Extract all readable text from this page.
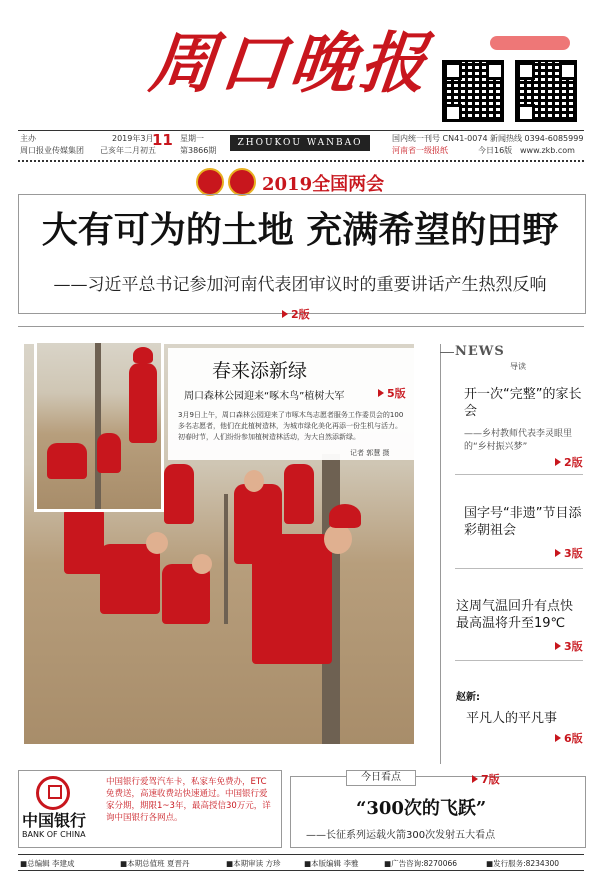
周口晚报
主办
周口报业传媒集团
2019年3月
11 星期一
己亥年二月初五	第3866期
ZHOUKOU WANBAO	国内统一刊号 CN41-0074 新闻热线 0394-6085999
河南省一级报纸	今日16版 www.zkb.com
2019全国两会
大有可为的土地 充满希望的田野
——习近平总书记参加河南代表团审议时的重要讲话产生热烈反响
2版
春来添新绿
周口森林公园迎来“啄木鸟”植树大军	5版
3月9日上午，周口森林公园迎来了市啄木鸟志愿者服务工作委员会的100多名志愿者，他们在此植树造林，为城市绿化美化再添一份生机与活力。初春时节，人们纷纷参加植树造林活动，为大自然添新绿。
记者 郭慧 摄
NEWS
导读
开一次“完整”的家长会
——乡村教师代表李灵眼里的“乡村振兴梦”
2版
国字号“非遗”节目添彩朝祖会
3版
这周气温回升有点快 最高温将升至19℃
3版
赵新:
平凡人的平凡事
6版
中国银行
BANK OF CHINA
中国银行爱驾汽车卡，私家车免费办，ETC免费送，高速收费站快速通过。中国银行爱家分期，期限1~3年，最高授信30万元，详询中国银行各网点。
今日看点	7版
“300次的飞跃”
——长征系列运载火箭300次发射五大看点
■总编辑 李建成	■本期总值班 夏晋丹	■本期审读 方珍	■本版编辑 李雅	■广告咨询:8270066	■发行服务:8234300
